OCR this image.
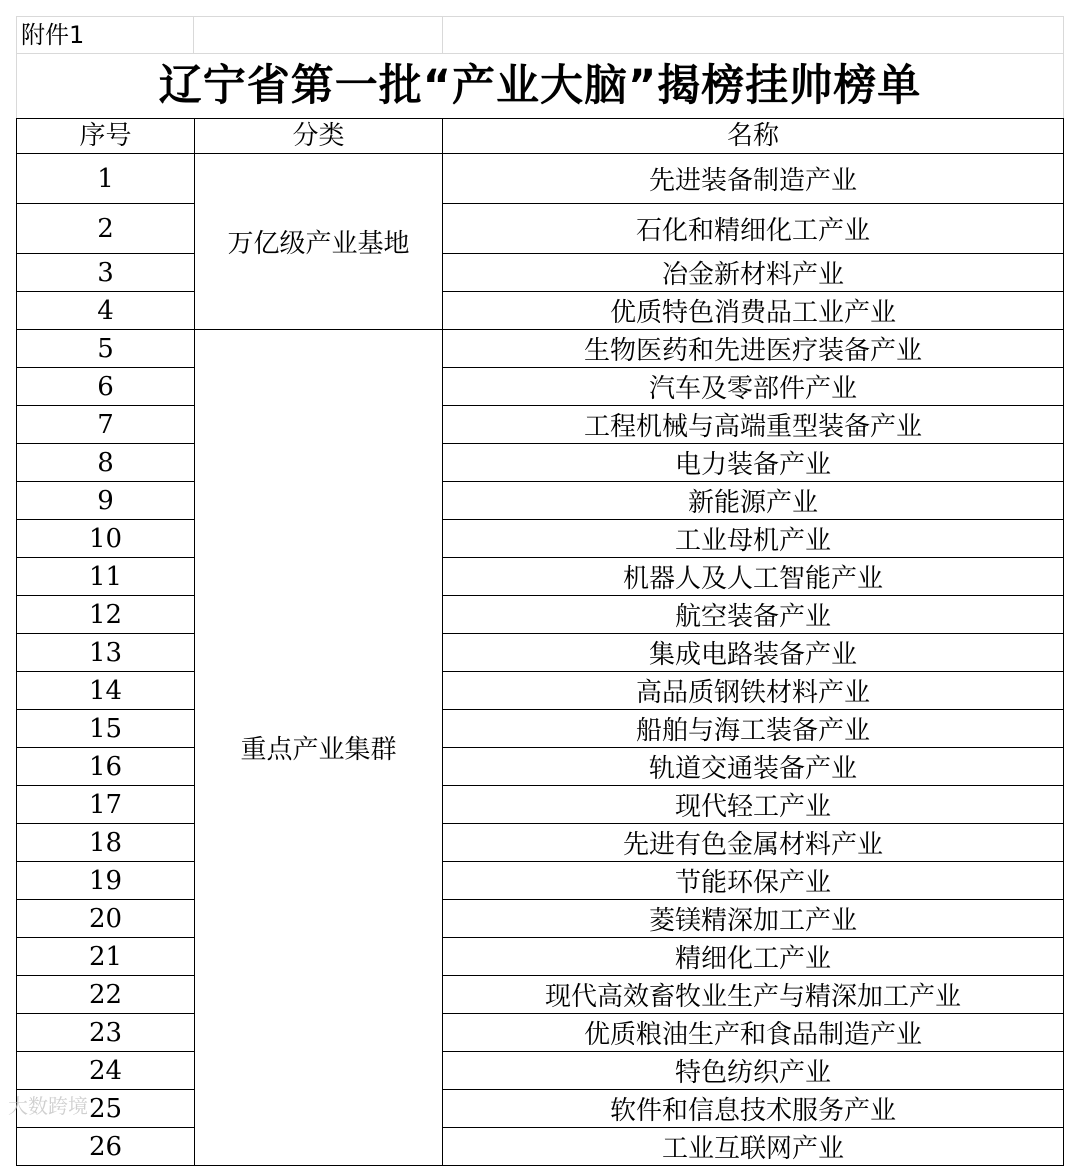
附件1
辽宁省第一批“产业大脑”揭榜挂帅榜单
序号	分类	名称
1	万亿级产业基地	先进装备制造产业
2		石化和精细化工产业
3		冶金新材料产业
4		优质特色消费品工业产业
5	重点产业集群	生物医药和先进医疗装备产业
6		汽车及零部件产业
7		工程机械与高端重型装备产业
8		电力装备产业
9		新能源产业
10		工业母机产业
11		机器人及人工智能产业
12		航空装备产业
13		集成电路装备产业
14		高品质钢铁材料产业
15		船舶与海工装备产业
16		轨道交通装备产业
17		现代轻工产业
18		先进有色金属材料产业
19		节能环保产业
20		菱镁精深加工产业
21		精细化工产业
22		现代高效畜牧业生产与精深加工产业
23		优质粮油生产和食品制造产业
24		特色纺织产业
25		软件和信息技术服务产业
26		工业互联网产业
大数跨境
